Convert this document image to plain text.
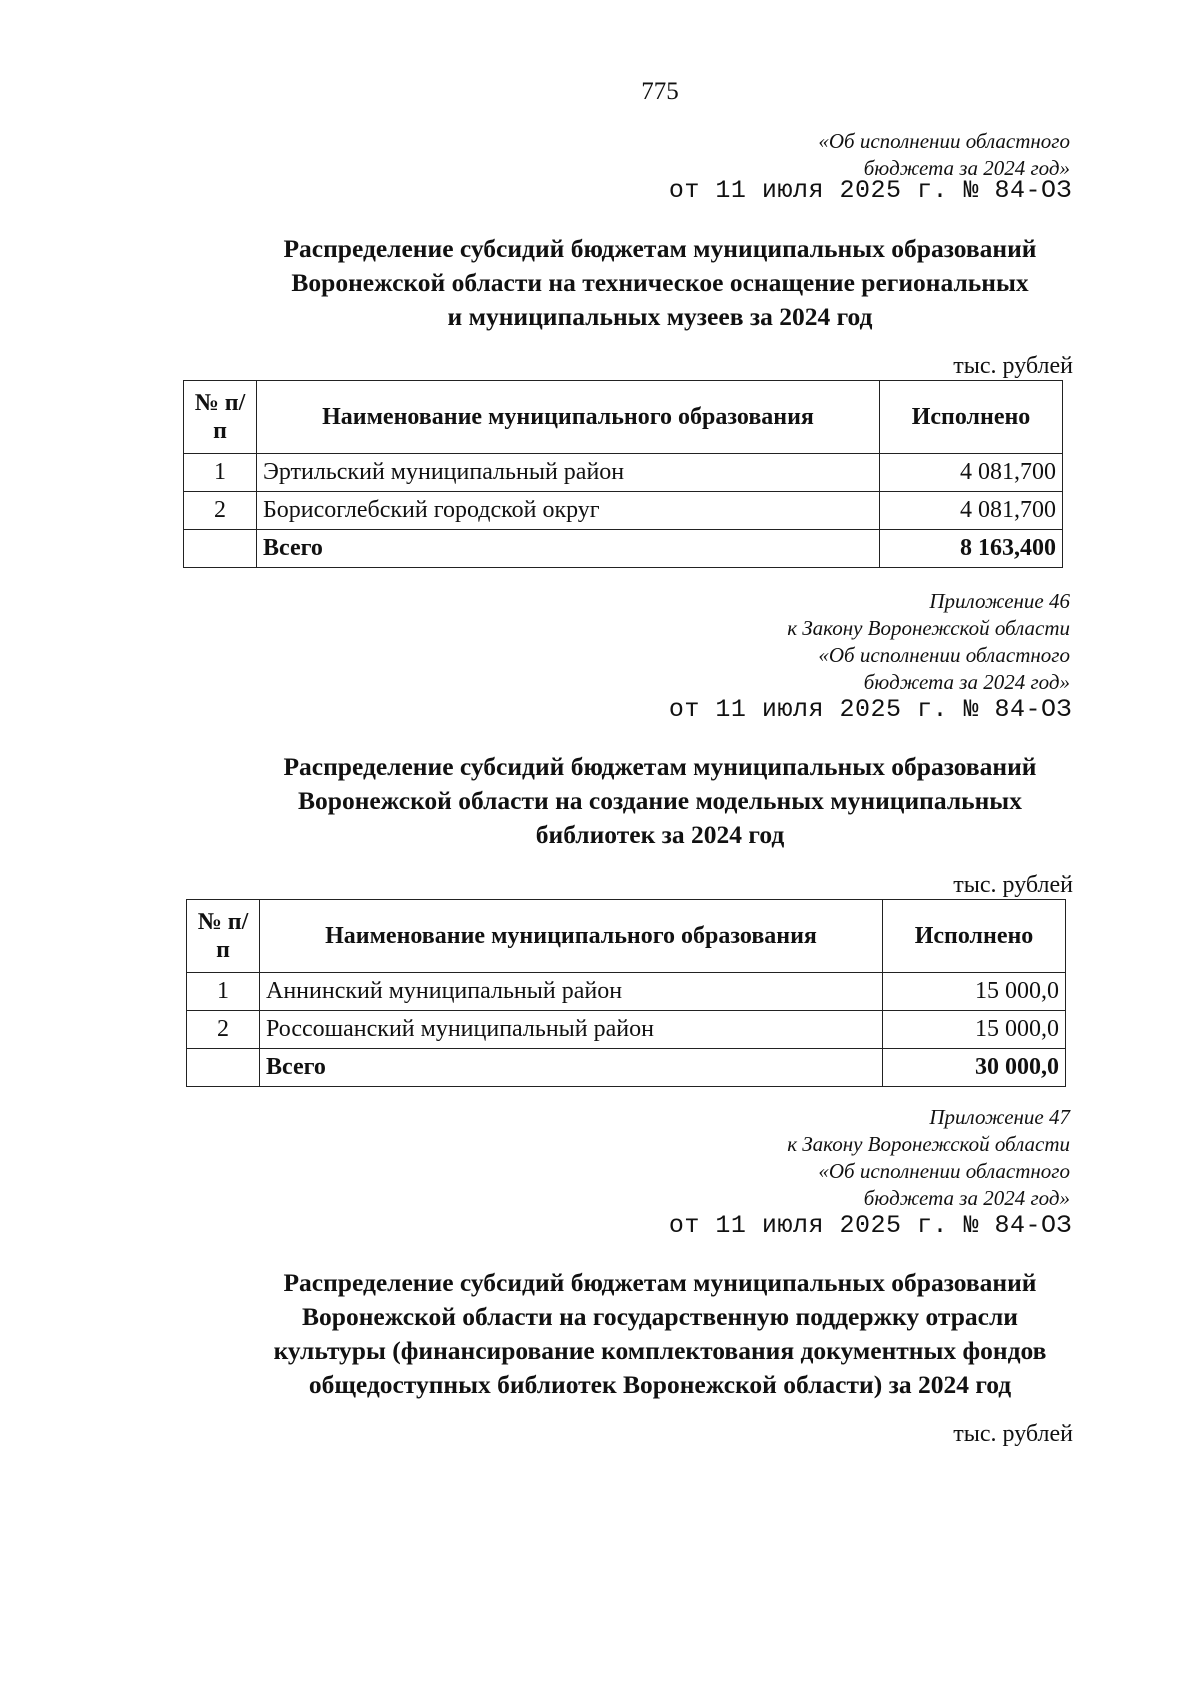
775
«Об исполнении областного
бюджета за 2024 год»
от 11 июля 2025 г. № 84-ОЗ
Распределение субсидий бюджетам муниципальных образований
Воронежской области на техническое оснащение региональных
и муниципальных музеев за 2024 год
тыс. рублей
№ п/п	Наименование муниципального образования	Исполнено
1	Эртильский муниципальный район	4 081,700
2	Борисоглебский городской округ	4 081,700
	Всего	8 163,400
Приложение 46
к Закону Воронежской области
«Об исполнении областного
бюджета за 2024 год»
от 11 июля 2025 г. № 84-ОЗ
Распределение субсидий бюджетам муниципальных образований
Воронежской области на создание модельных муниципальных
библиотек за 2024 год
тыс. рублей
№ п/п	Наименование муниципального образования	Исполнено
1	Аннинский муниципальный район	15 000,0
2	Россошанский муниципальный район	15 000,0
	Всего	30 000,0
Приложение 47
к Закону Воронежской области
«Об исполнении областного
бюджета за 2024 год»
от 11 июля 2025 г. № 84-ОЗ
Распределение субсидий бюджетам муниципальных образований
Воронежской области на государственную поддержку отрасли
культуры (финансирование комплектования документных фондов
общедоступных библиотек Воронежской области) за 2024 год
тыс. рублей
